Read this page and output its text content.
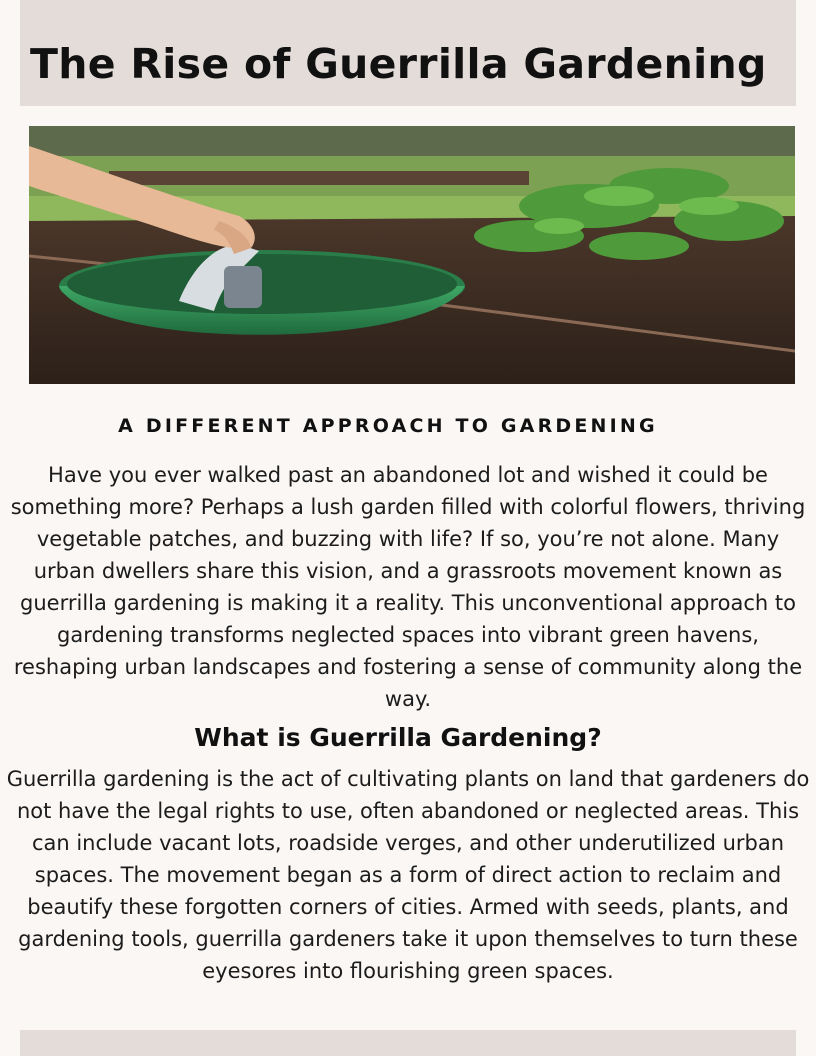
The Rise of Guerrilla Gardening
A DIFFERENT APPROACH TO GARDENING

Have you ever walked past an abandoned lot and wished it could be something more? Perhaps a lush garden filled with colorful flowers, thriving vegetable patches, and buzzing with life? If so, you’re not alone. Many urban dwellers share this vision, and a grassroots movement known as guerrilla gardening is making it a reality. This unconventional approach to gardening transforms neglected spaces into vibrant green havens, reshaping urban landscapes and fostering a sense of community along the way.

What is Guerrilla Gardening?

Guerrilla gardening is the act of cultivating plants on land that gardeners do not have the legal rights to use, often abandoned or neglected areas. This can include vacant lots, roadside verges, and other underutilized urban spaces. The movement began as a form of direct action to reclaim and beautify these forgotten corners of cities. Armed with seeds, plants, and gardening tools, guerrilla gardeners take it upon themselves to turn these eyesores into flourishing green spaces.
